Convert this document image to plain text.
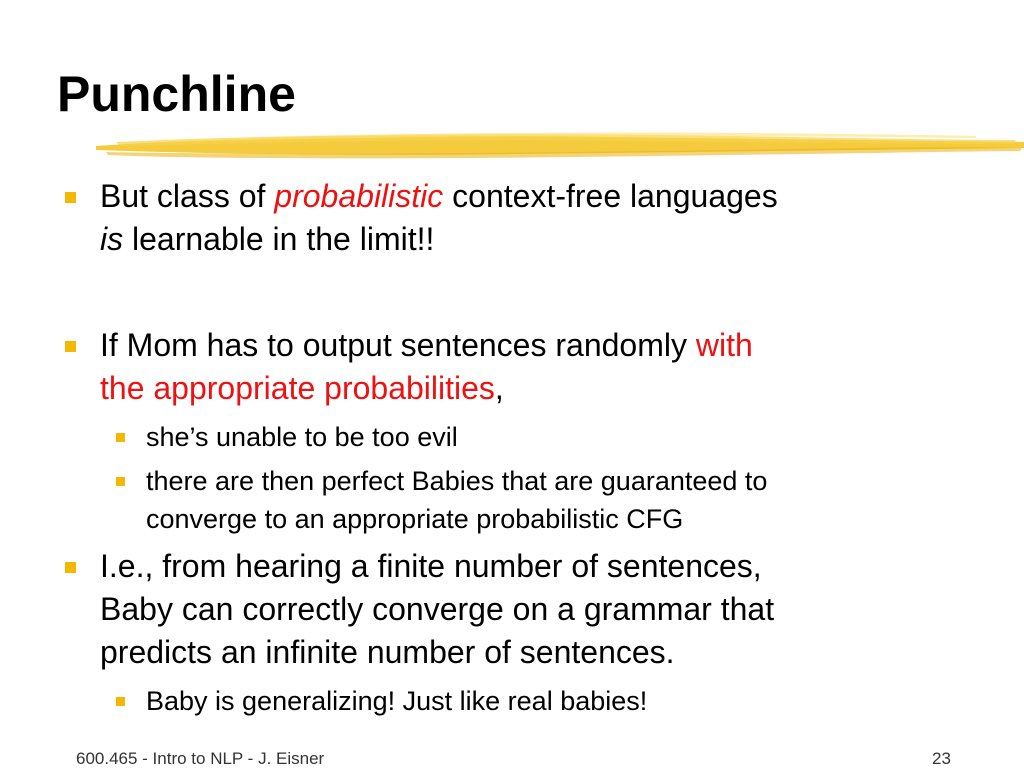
Punchline
But class of probabilistic context-free languages
is learnable in the limit!!
If Mom has to output sentences randomly with
the appropriate probabilities,
she’s unable to be too evil
there are then perfect Babies that are guaranteed to
converge to an appropriate probabilistic CFG
I.e., from hearing a finite number of sentences,
Baby can correctly converge on a grammar that
predicts an infinite number of sentences.
Baby is generalizing! Just like real babies!
600.465 - Intro to NLP - J. Eisner	23
